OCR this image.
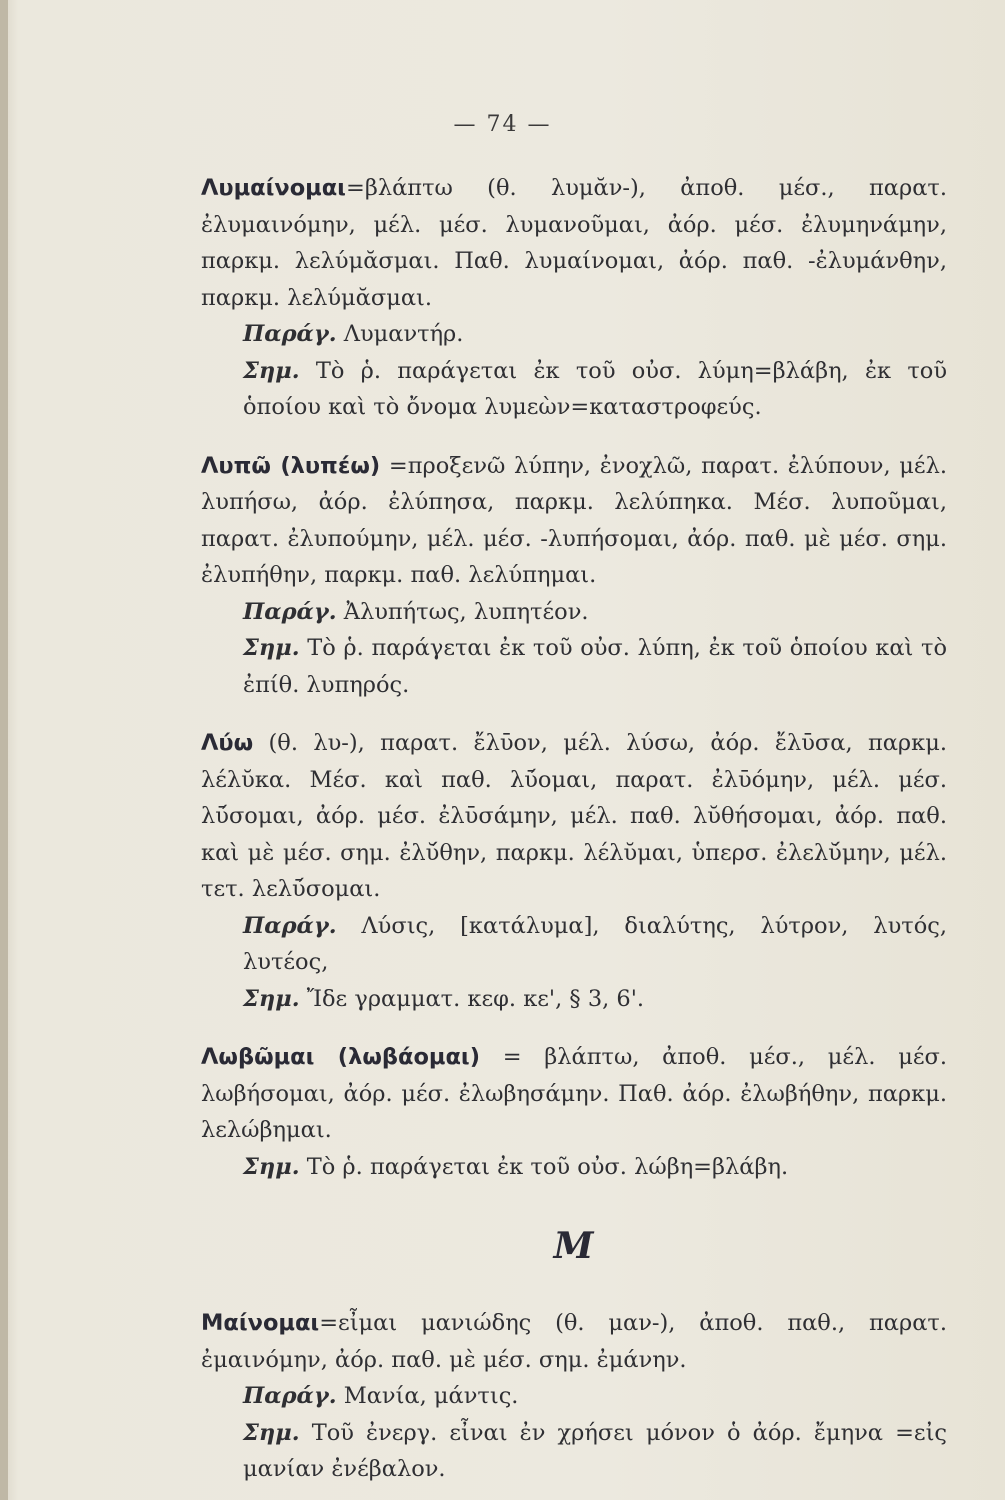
— 74 —

Λυμαίνομαι=βλάπτω (θ. λυμᾰν-), ἀποθ. μέσ., παρατ. ἐλυμαινόμην, μέλ. μέσ. λυμανοῦμαι, ἀόρ. μέσ. ἐλυμηνάμην, παρκμ. λελύμᾰσμαι. Παθ. λυμαίνομαι, ἀόρ. παθ. -ἐλυμάνθην, παρκμ. λελύμᾰσμαι.

Παράγ. Λυμαντήρ.

Σημ. Τὸ ῥ. παράγεται ἐκ τοῦ οὐσ. λύμη=βλάβη, ἐκ τοῦ ὁποίου καὶ τὸ ὄνομα λυμεὼν=καταστροφεύς.

Λυπῶ (λυπέω) =προξενῶ λύπην, ἐνοχλῶ, παρατ. ἐλύπουν, μέλ. λυπήσω, ἀόρ. ἐλύπησα, παρκμ. λελύπηκα. Μέσ. λυποῦμαι, παρατ. ἐλυπούμην, μέλ. μέσ. -λυπήσομαι, ἀόρ. παθ. μὲ μέσ. σημ. ἐλυπήθην, παρκμ. παθ. λελύπημαι.

Παράγ. Ἀλυπήτως, λυπητέον.

Σημ. Τὸ ῥ. παράγεται ἐκ τοῦ οὐσ. λύπη, ἐκ τοῦ ὁποίου καὶ τὸ ἐπίθ. λυπηρός.

Λύω (θ. λυ-), παρατ. ἔλῡον, μέλ. λύσω, ἀόρ. ἔλῡσα, παρκμ. λέλῠκα. Μέσ. καὶ παθ. λῡ́ομαι, παρατ. ἐλῡόμην, μέλ. μέσ. λῡ́σομαι, ἀόρ. μέσ. ἐλῡσάμην, μέλ. παθ. λῠθήσομαι, ἀόρ. παθ. καὶ μὲ μέσ. σημ. ἐλῠ́θην, παρκμ. λέλῠμαι, ὑπερσ. ἐλελῠ́μην, μέλ. τετ. λελῡ́σομαι.

Παράγ. Λύσις, [κατάλυμα], διαλύτης, λύτρον, λυτός, λυτέος,

Σημ. Ἴδε γραμματ. κεφ. κε', § 3, 6'.

Λωβῶμαι (λωβάομαι) = βλάπτω, ἀποθ. μέσ., μέλ. μέσ. λωβήσομαι, ἀόρ. μέσ. ἐλωβησάμην. Παθ. ἀόρ. ἐλωβήθην, παρκμ. λελώβημαι.

Σημ. Τὸ ῥ. παράγεται ἐκ τοῦ οὐσ. λώβη=βλάβη.

M

Μαίνομαι=εἶμαι μανιώδης (θ. μαν-), ἀποθ. παθ., παρατ. ἐμαινόμην, ἀόρ. παθ. μὲ μέσ. σημ. ἐμάνην.

Παράγ. Μανία, μάντις.

Σημ. Τοῦ ἐνεργ. εἶναι ἐν χρήσει μόνον ὁ ἀόρ. ἔμηνα =εἰς μανίαν ἐνέβαλον.
